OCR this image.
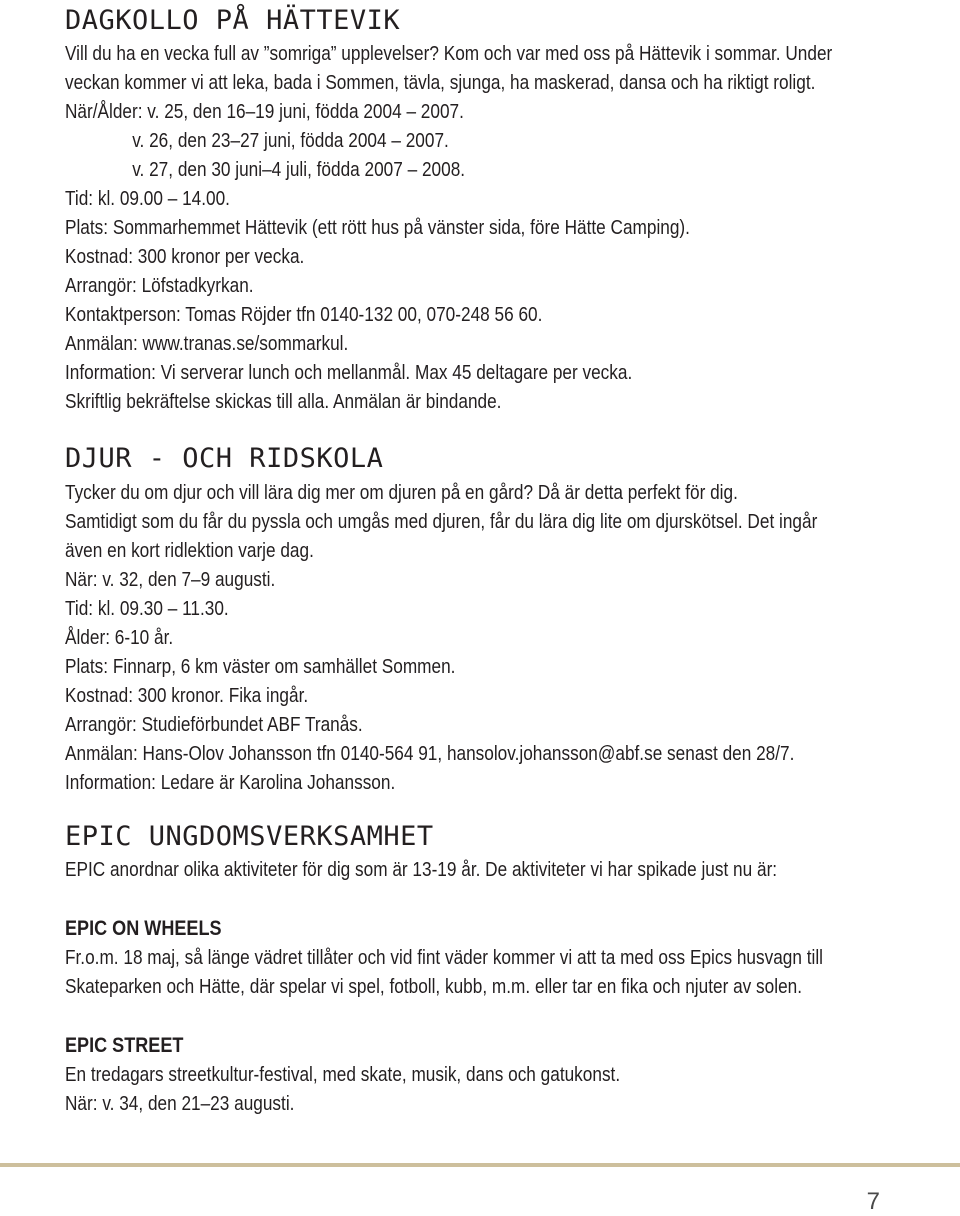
DAGKOLLO PÅ HÄTTEVIK

Vill du ha en vecka full av ”somriga” upplevelser? Kom och var med oss på Hättevik i sommar. Under

veckan kommer vi att leka, bada i Sommen, tävla, sjunga, ha maskerad, dansa och ha riktigt roligt.

När/Ålder: v. 25, den 16–19 juni, födda 2004 – 2007.

v. 26, den 23–27 juni, födda 2004 – 2007.

v. 27, den 30 juni–4 juli, födda 2007 – 2008.

Tid: kl. 09.00 – 14.00.

Plats: Sommarhemmet Hättevik (ett rött hus på vänster sida, före Hätte Camping).

Kostnad: 300 kronor per vecka.

Arrangör: Löfstadkyrkan.

Kontaktperson: Tomas Röjder tfn 0140-132 00, 070-248 56 60.

Anmälan: www.tranas.se/sommarkul.

Information: Vi serverar lunch och mellanmål. Max 45 deltagare per vecka.

Skriftlig bekräftelse skickas till alla. Anmälan är bindande.

DJUR - OCH RIDSKOLA

Tycker du om djur och vill lära dig mer om djuren på en gård? Då är detta perfekt för dig.

Samtidigt som du får du pyssla och umgås med djuren, får du lära dig lite om djurskötsel. Det ingår

även en kort ridlektion varje dag.

När: v. 32, den 7–9 augusti.

Tid: kl. 09.30 – 11.30.

Ålder: 6-10 år.

Plats: Finnarp, 6 km väster om samhället Sommen.

Kostnad: 300 kronor. Fika ingår.

Arrangör: Studieförbundet ABF Tranås.

Anmälan: Hans-Olov Johansson tfn 0140-564 91, hansolov.johansson@abf.se senast den 28/7.

Information: Ledare är Karolina Johansson.

EPIC UNGDOMSVERKSAMHET

EPIC anordnar olika aktiviteter för dig som är 13-19 år. De aktiviteter vi har spikade just nu är:

EPIC ON WHEELS

Fr.o.m. 18 maj, så länge vädret tillåter och vid fint väder kommer vi att ta med oss Epics husvagn till

Skateparken och Hätte, där spelar vi spel, fotboll, kubb, m.m. eller tar en fika och njuter av solen.

EPIC STREET

En tredagars streetkultur-festival, med skate, musik, dans och gatukonst.

När: v. 34, den 21–23 augusti.

7
